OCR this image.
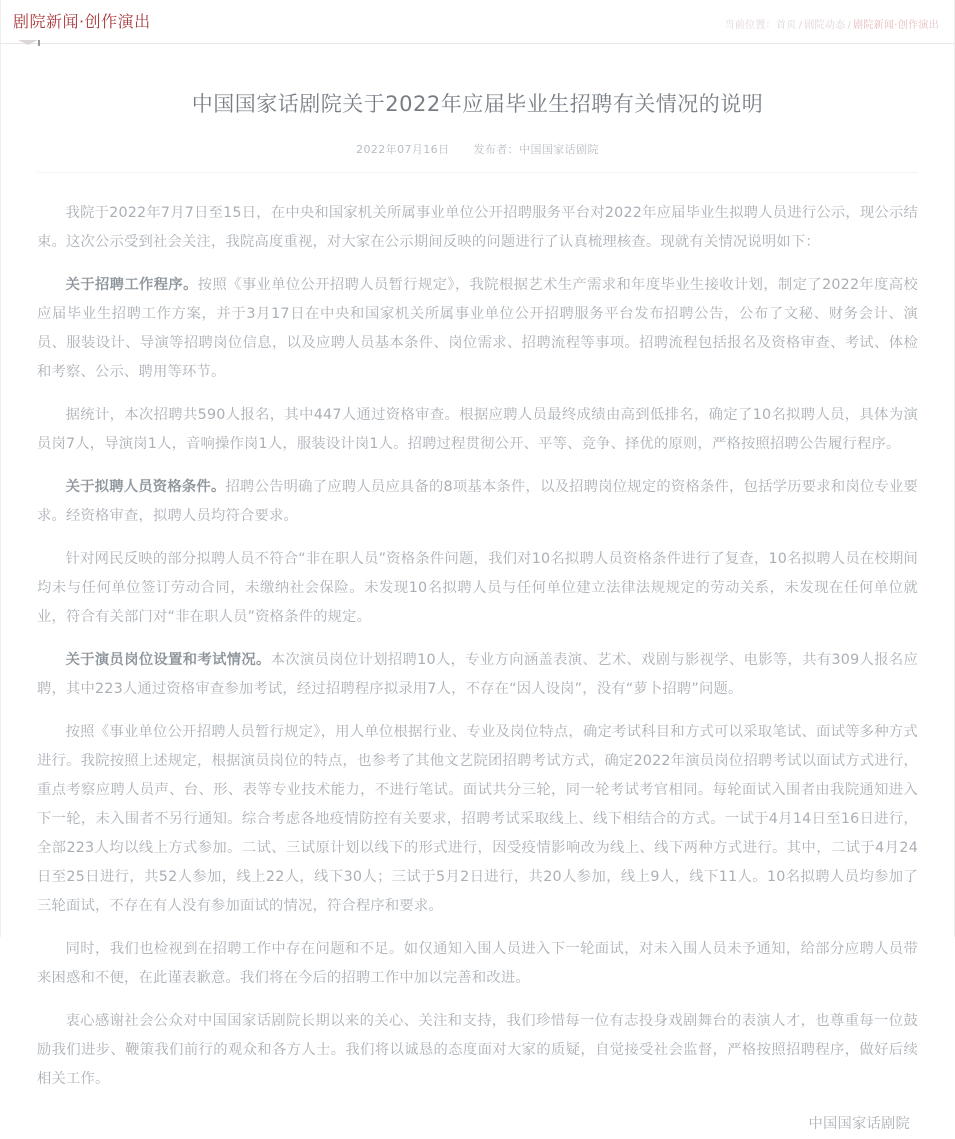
剧院新闻·创作演出	当前位置：首页 / 剧院动态 / 剧院新闻·创作演出
中国国家话剧院关于2022年应届毕业生招聘有关情况的说明
2022年07月16日 发布者：中国国家话剧院

我院于2022年7月7日至15日，在中央和国家机关所属事业单位公开招聘服务平台对2022年应届毕业生拟聘人员进行公示，现公示结束。这次公示受到社会关注，我院高度重视，对大家在公示期间反映的问题进行了认真梳理核查。现就有关情况说明如下：

关于招聘工作程序。按照《事业单位公开招聘人员暂行规定》，我院根据艺术生产需求和年度毕业生接收计划，制定了2022年度高校应届毕业生招聘工作方案，并于3月17日在中央和国家机关所属事业单位公开招聘服务平台发布招聘公告，公布了文秘、财务会计、演员、服装设计、导演等招聘岗位信息，以及应聘人员基本条件、岗位需求、招聘流程等事项。招聘流程包括报名及资格审查、考试、体检和考察、公示、聘用等环节。

据统计，本次招聘共590人报名，其中447人通过资格审查。根据应聘人员最终成绩由高到低排名，确定了10名拟聘人员，具体为演员岗7人，导演岗1人，音响操作岗1人，服装设计岗1人。招聘过程贯彻公开、平等、竞争、择优的原则，严格按照招聘公告履行程序。

关于拟聘人员资格条件。招聘公告明确了应聘人员应具备的8项基本条件，以及招聘岗位规定的资格条件，包括学历要求和岗位专业要求。经资格审查，拟聘人员均符合要求。

针对网民反映的部分拟聘人员不符合“非在职人员”资格条件问题，我们对10名拟聘人员资格条件进行了复查，10名拟聘人员在校期间均未与任何单位签订劳动合同，未缴纳社会保险。未发现10名拟聘人员与任何单位建立法律法规规定的劳动关系，未发现在任何单位就业，符合有关部门对“非在职人员”资格条件的规定。

关于演员岗位设置和考试情况。本次演员岗位计划招聘10人，专业方向涵盖表演、艺术、戏剧与影视学、电影等，共有309人报名应聘，其中223人通过资格审查参加考试，经过招聘程序拟录用7人，不存在“因人设岗”，没有“萝卜招聘”问题。

按照《事业单位公开招聘人员暂行规定》，用人单位根据行业、专业及岗位特点，确定考试科目和方式可以采取笔试、面试等多种方式进行。我院按照上述规定，根据演员岗位的特点，也参考了其他文艺院团招聘考试方式，确定2022年演员岗位招聘考试以面试方式进行，重点考察应聘人员声、台、形、表等专业技术能力，不进行笔试。面试共分三轮，同一轮考试考官相同。每轮面试入围者由我院通知进入下一轮，未入围者不另行通知。综合考虑各地疫情防控有关要求，招聘考试采取线上、线下相结合的方式。一试于4月14日至16日进行，全部223人均以线上方式参加。二试、三试原计划以线下的形式进行，因受疫情影响改为线上、线下两种方式进行。其中，二试于4月24日至25日进行，共52人参加，线上22人，线下30人；三试于5月2日进行，共20人参加，线上9人，线下11人。10名拟聘人员均参加了三轮面试，不存在有人没有参加面试的情况，符合程序和要求。

同时，我们也检视到在招聘工作中存在问题和不足。如仅通知入围人员进入下一轮面试，对未入围人员未予通知，给部分应聘人员带来困惑和不便，在此谨表歉意。我们将在今后的招聘工作中加以完善和改进。

衷心感谢社会公众对中国国家话剧院长期以来的关心、关注和支持，我们珍惜每一位有志投身戏剧舞台的表演人才，也尊重每一位鼓励我们进步、鞭策我们前行的观众和各方人士。我们将以诚恳的态度面对大家的质疑，自觉接受社会监督，严格按照招聘程序，做好后续相关工作。

中国国家话剧院
